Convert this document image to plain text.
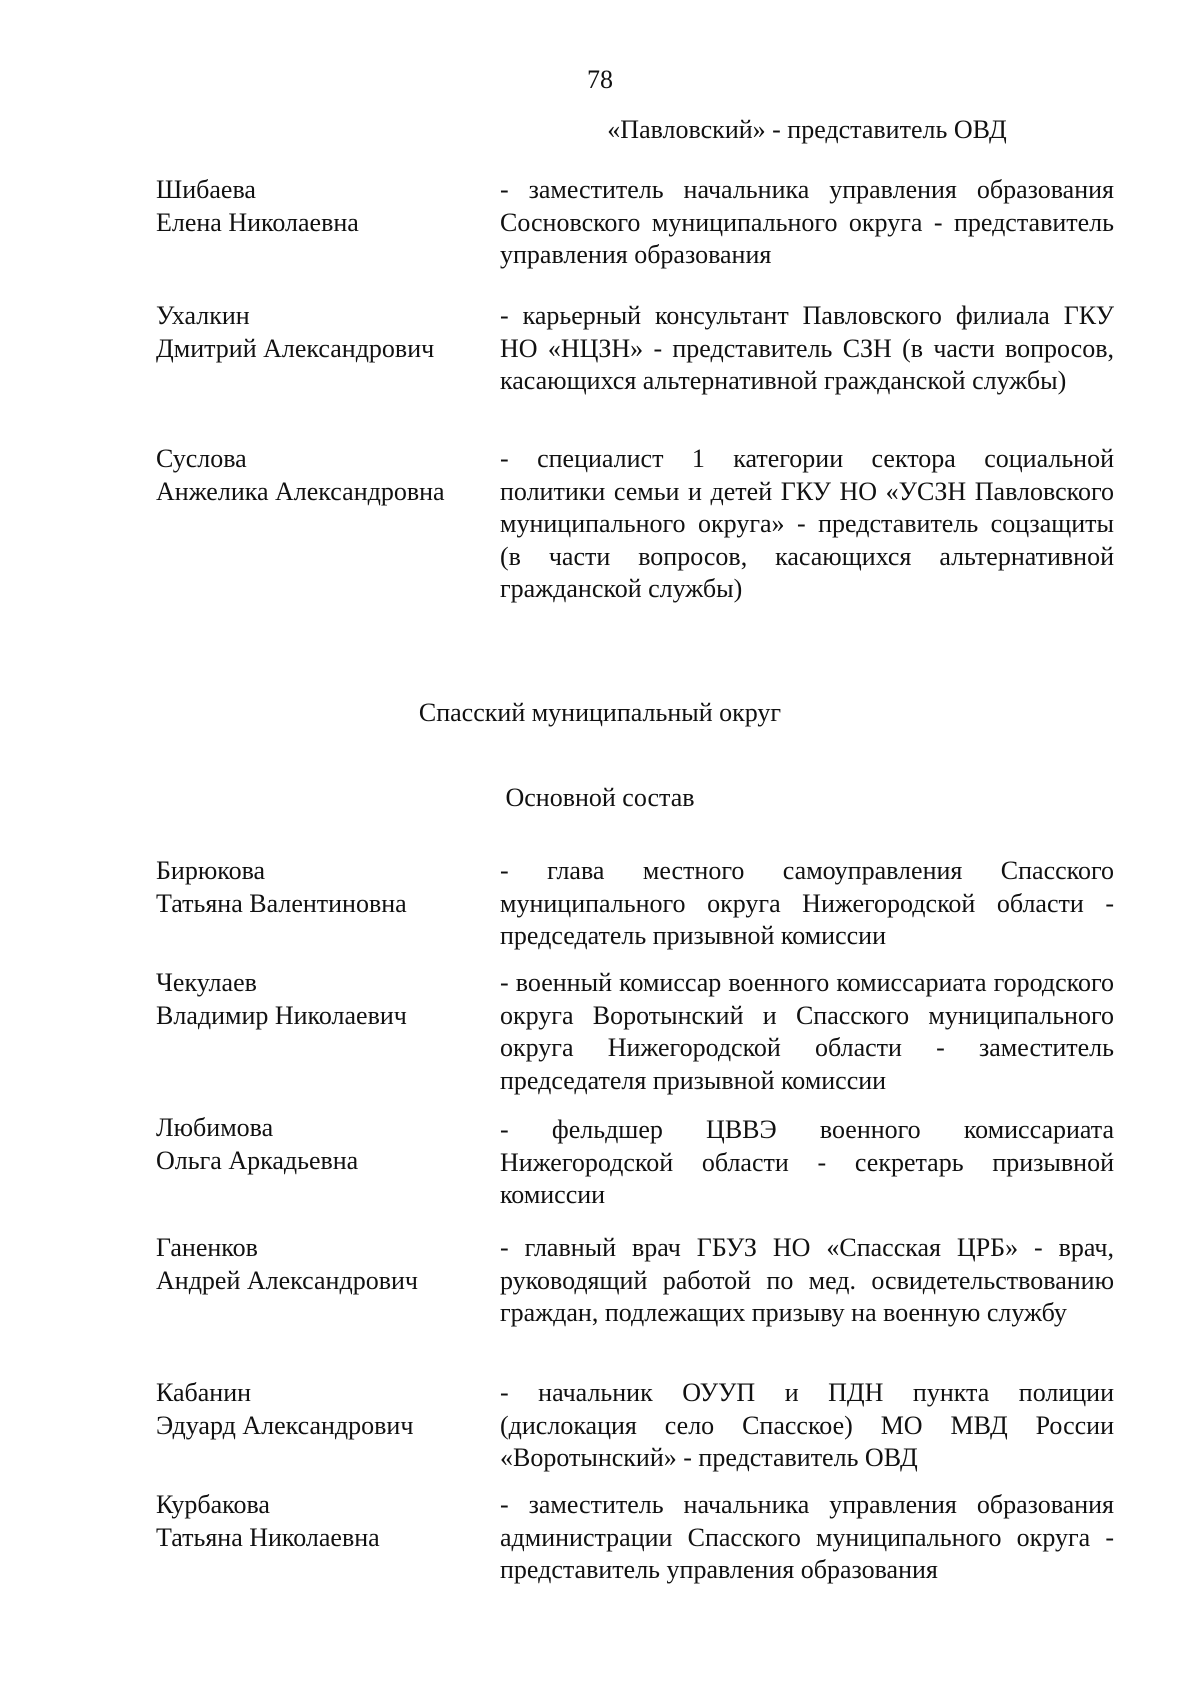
78
«Павловский» - представитель ОВД
Шибаева
Елена Николаевна
- заместитель начальника управления образования Сосновского муниципального округа - представитель управления образования
Ухалкин
Дмитрий Александрович
- карьерный консультант Павловского филиала ГКУ НО «НЦЗН» - представитель СЗН (в части вопросов, касающихся альтернативной гражданской службы)
Суслова
Анжелика Александровна
- специалист 1 категории сектора социальной политики семьи и детей ГКУ НО «УСЗН Павловского муниципального округа» - представитель соцзащиты (в части вопросов, касающихся альтернативной гражданской службы)
Спасский муниципальный округ
Основной состав
Бирюкова
Татьяна Валентиновна
- глава местного самоуправления Спасского муниципального округа Нижегородской области - председатель призывной комиссии
Чекулаев
Владимир Николаевич
- военный комиссар военного комиссариата городского округа Воротынский и Спасского муниципального округа Нижегородской области - заместитель председателя призывной комиссии
Любимова
Ольга Аркадьевна
- фельдшер ЦВВЭ военного комиссариата Нижегородской области - секретарь призывной комиссии
Ганенков
Андрей Александрович
- главный врач ГБУЗ НО «Спасская ЦРБ» - врач, руководящий работой по мед. освидетельствованию граждан, подлежащих призыву на военную службу
Кабанин
Эдуард Александрович
- начальник ОУУП и ПДН пункта полиции (дислокация село Спасское) МО МВД России «Воротынский» - представитель ОВД
Курбакова
Татьяна Николаевна
- заместитель начальника управления образования администрации Спасского муниципального округа - представитель управления образования
